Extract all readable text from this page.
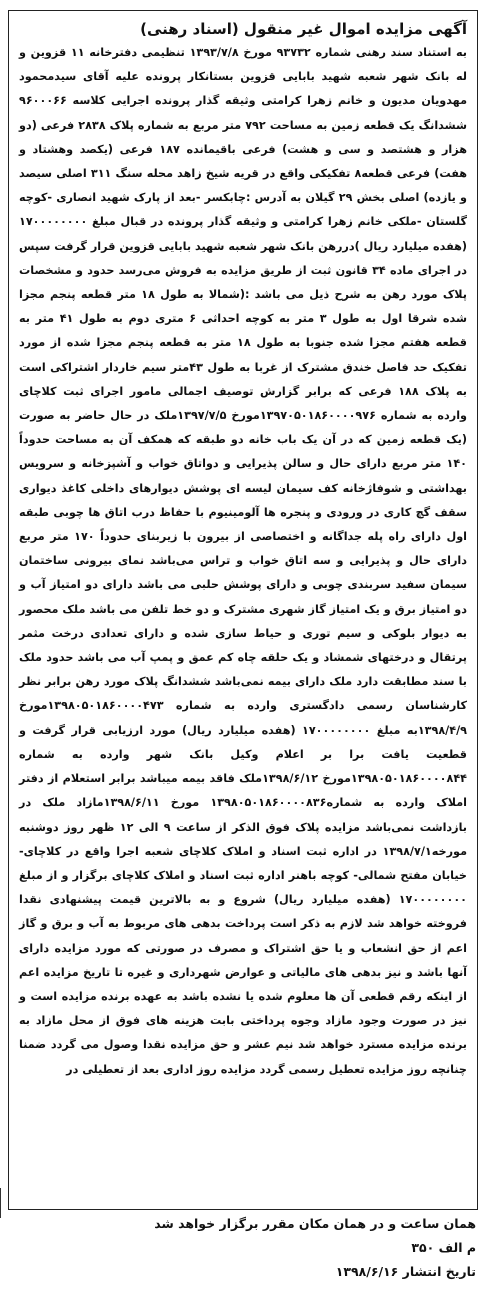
آگهی مزایده اموال غیر منقول (اسناد رهنی)

به استناد سند رهنی شماره ۹۳۷۳۲ مورخ ۱۳۹۳/۷/۸ تنظیمی دفترخانه ۱۱ قزوین و له بانک شهر شعبه شهید بابایی قزوین بستانکار پرونده علیه آقای سیدمحمود مهدویان مدیون و خانم زهرا کرامتی وثیقه گذار پرونده اجرایی کلاسه ۹۶۰۰۰۶۶ ششدانگ یک قطعه زمین به مساحت ۷۹۲ متر مربع به شماره پلاک ۲۸۳۸ فرعی (دو هزار و هشتصد و سی و هشت) فرعی باقیمانده ۱۸۷ فرعی (یکصد وهشتاد و هفت) فرعی قطعه۸ تفکیکی واقع در قریه شیخ زاهد محله سنگ ۳۱۱ اصلی سیصد و یازده) اصلی بخش ۲۹ گیلان به آدرس :چابکسر -بعد از پارک شهید انصاری -کوچه گلستان -ملکی خانم زهرا کرامتی و وثیقه گذار پرونده در قبال مبلغ ۱۷۰۰۰۰۰۰۰۰ (هفده میلیارد ریال )دررهن بانک شهر شعبه شهید بابایی قزوین قرار گرفت سپس در اجرای ماده ۳۴ قانون ثبت از طریق مزایده به فروش می‌رسد حدود و مشخصات پلاک مورد رهن به شرح ذیل می باشد :(شمالا به طول ۱۸ متر قطعه پنجم مجزا شده شرقا اول به طول ۳ متر به کوچه احداثی ۶ متری دوم به طول ۴۱ متر به قطعه هفتم مجزا شده جنوبا به طول ۱۸ متر به قطعه پنجم مجزا شده از مورد تفکیک حد فاصل خندق مشترک از غربا به طول ۴۳متر سیم خاردار اشتراکی است به پلاک ۱۸۸ فرعی که برابر گزارش توصیف اجمالی مامور اجرای ثبت کلاچای وارده به شماره ۱۳۹۷۰۵۰۱۸۶۰۰۰۰۹۷۶مورخ ۱۳۹۷/۷/۵ملک در حال حاضر به صورت (یک قطعه زمین که در آن یک باب خانه دو طبقه که همکف آن به مساحت حدوداً ۱۴۰ متر مربع دارای حال و سالن پذیرایی و دواتاق خواب و آشپزخانه و سرویس بهداشتی و شوفاژخانه کف سیمان لیسه ای پوشش دیوارهای داخلی کاغذ دیواری سقف گچ کاری در ورودی و پنجره ها آلومینیوم با حفاظ درب اتاق ها چوبی طبقه اول دارای راه پله جداگانه و اختصاصی از بیرون با زیربنای حدوداً ۱۷۰ متر مربع دارای حال و پذیرایی و سه اتاق خواب و تراس می‌باشد نمای بیرونی ساختمان سیمان سفید سربندی چوبی و دارای پوشش حلبی می باشد دارای دو امتیاز آب و دو امتیاز برق و یک امتیاز گاز شهری مشترک و دو خط تلفن می باشد ملک محصور به دیوار بلوکی و سیم توری و حیاط سازی شده و دارای تعدادی درخت مثمر پرتقال و درختهای شمشاد و یک حلقه چاه کم عمق و پمپ آب می باشد حدود ملک با سند مطابقت دارد ملک دارای بیمه نمی‌باشد ششدانگ پلاک مورد رهن برابر نظر کارشناسان رسمی دادگستری وارده به شماره ۱۳۹۸۰۵۰۱۸۶۰۰۰۰۴۷۳مورخ ۱۳۹۸/۴/۹به مبلغ ۱۷۰۰۰۰۰۰۰۰ (هفده میلیارد ریال) مورد ارزیابی قرار گرفت و قطعیت یافت برا بر اعلام وکیل بانک شهر وارده به شماره ۱۳۹۸۰۵۰۱۸۶۰۰۰۰۸۴۴مورخ ۱۳۹۸/۶/۱۲ملک فاقد بیمه میباشد برابر استعلام از دفتر املاک وارده به شماره۱۳۹۸۰۵۰۱۸۶۰۰۰۰۸۳۶ مورخ ۱۳۹۸/۶/۱۱مازاد ملک در بازداشت نمی‌باشد مزایده پلاک فوق الذکر از ساعت ۹ الی ۱۲ ظهر روز دوشنبه مورخه۱۳۹۸/۷/۱ در اداره ثبت اسناد و املاک کلاچای شعبه اجرا واقع در کلاچای- خیابان مفتح شمالی- کوچه باهنر اداره ثبت اسناد و املاک کلاچای برگزار و از مبلغ ۱۷۰۰۰۰۰۰۰۰ (هفده میلیارد ریال) شروع و به بالاترین قیمت پیشنهادی نقدا فروخته خواهد شد لازم به ذکر است پرداخت بدهی های مربوط به آب و برق و گاز اعم از حق انشعاب و یا حق اشتراک و مصرف در صورتی که مورد مزایده دارای آنها باشد و نیز بدهی های مالیاتی و عوارض شهرداری و غیره تا تاریخ مزایده اعم از اینکه رقم قطعی آن ها معلوم شده یا نشده باشد به عهده برنده مزایده است و نیز در صورت وجود مازاد وجوه پرداختی بابت هزینه های فوق از محل مازاد به برنده مزایده مسترد خواهد شد نیم عشر و حق مزایده نقدا وصول می گردد ضمنا چنانچه روز مزایده تعطیل رسمی گردد مزایده روز اداری بعد از تعطیلی در

همان ساعت و در همان مکان مقرر برگزار خواهد شد
م الف ۳۵۰
تاریخ انتشار ۱۳۹۸/۶/۱۶
